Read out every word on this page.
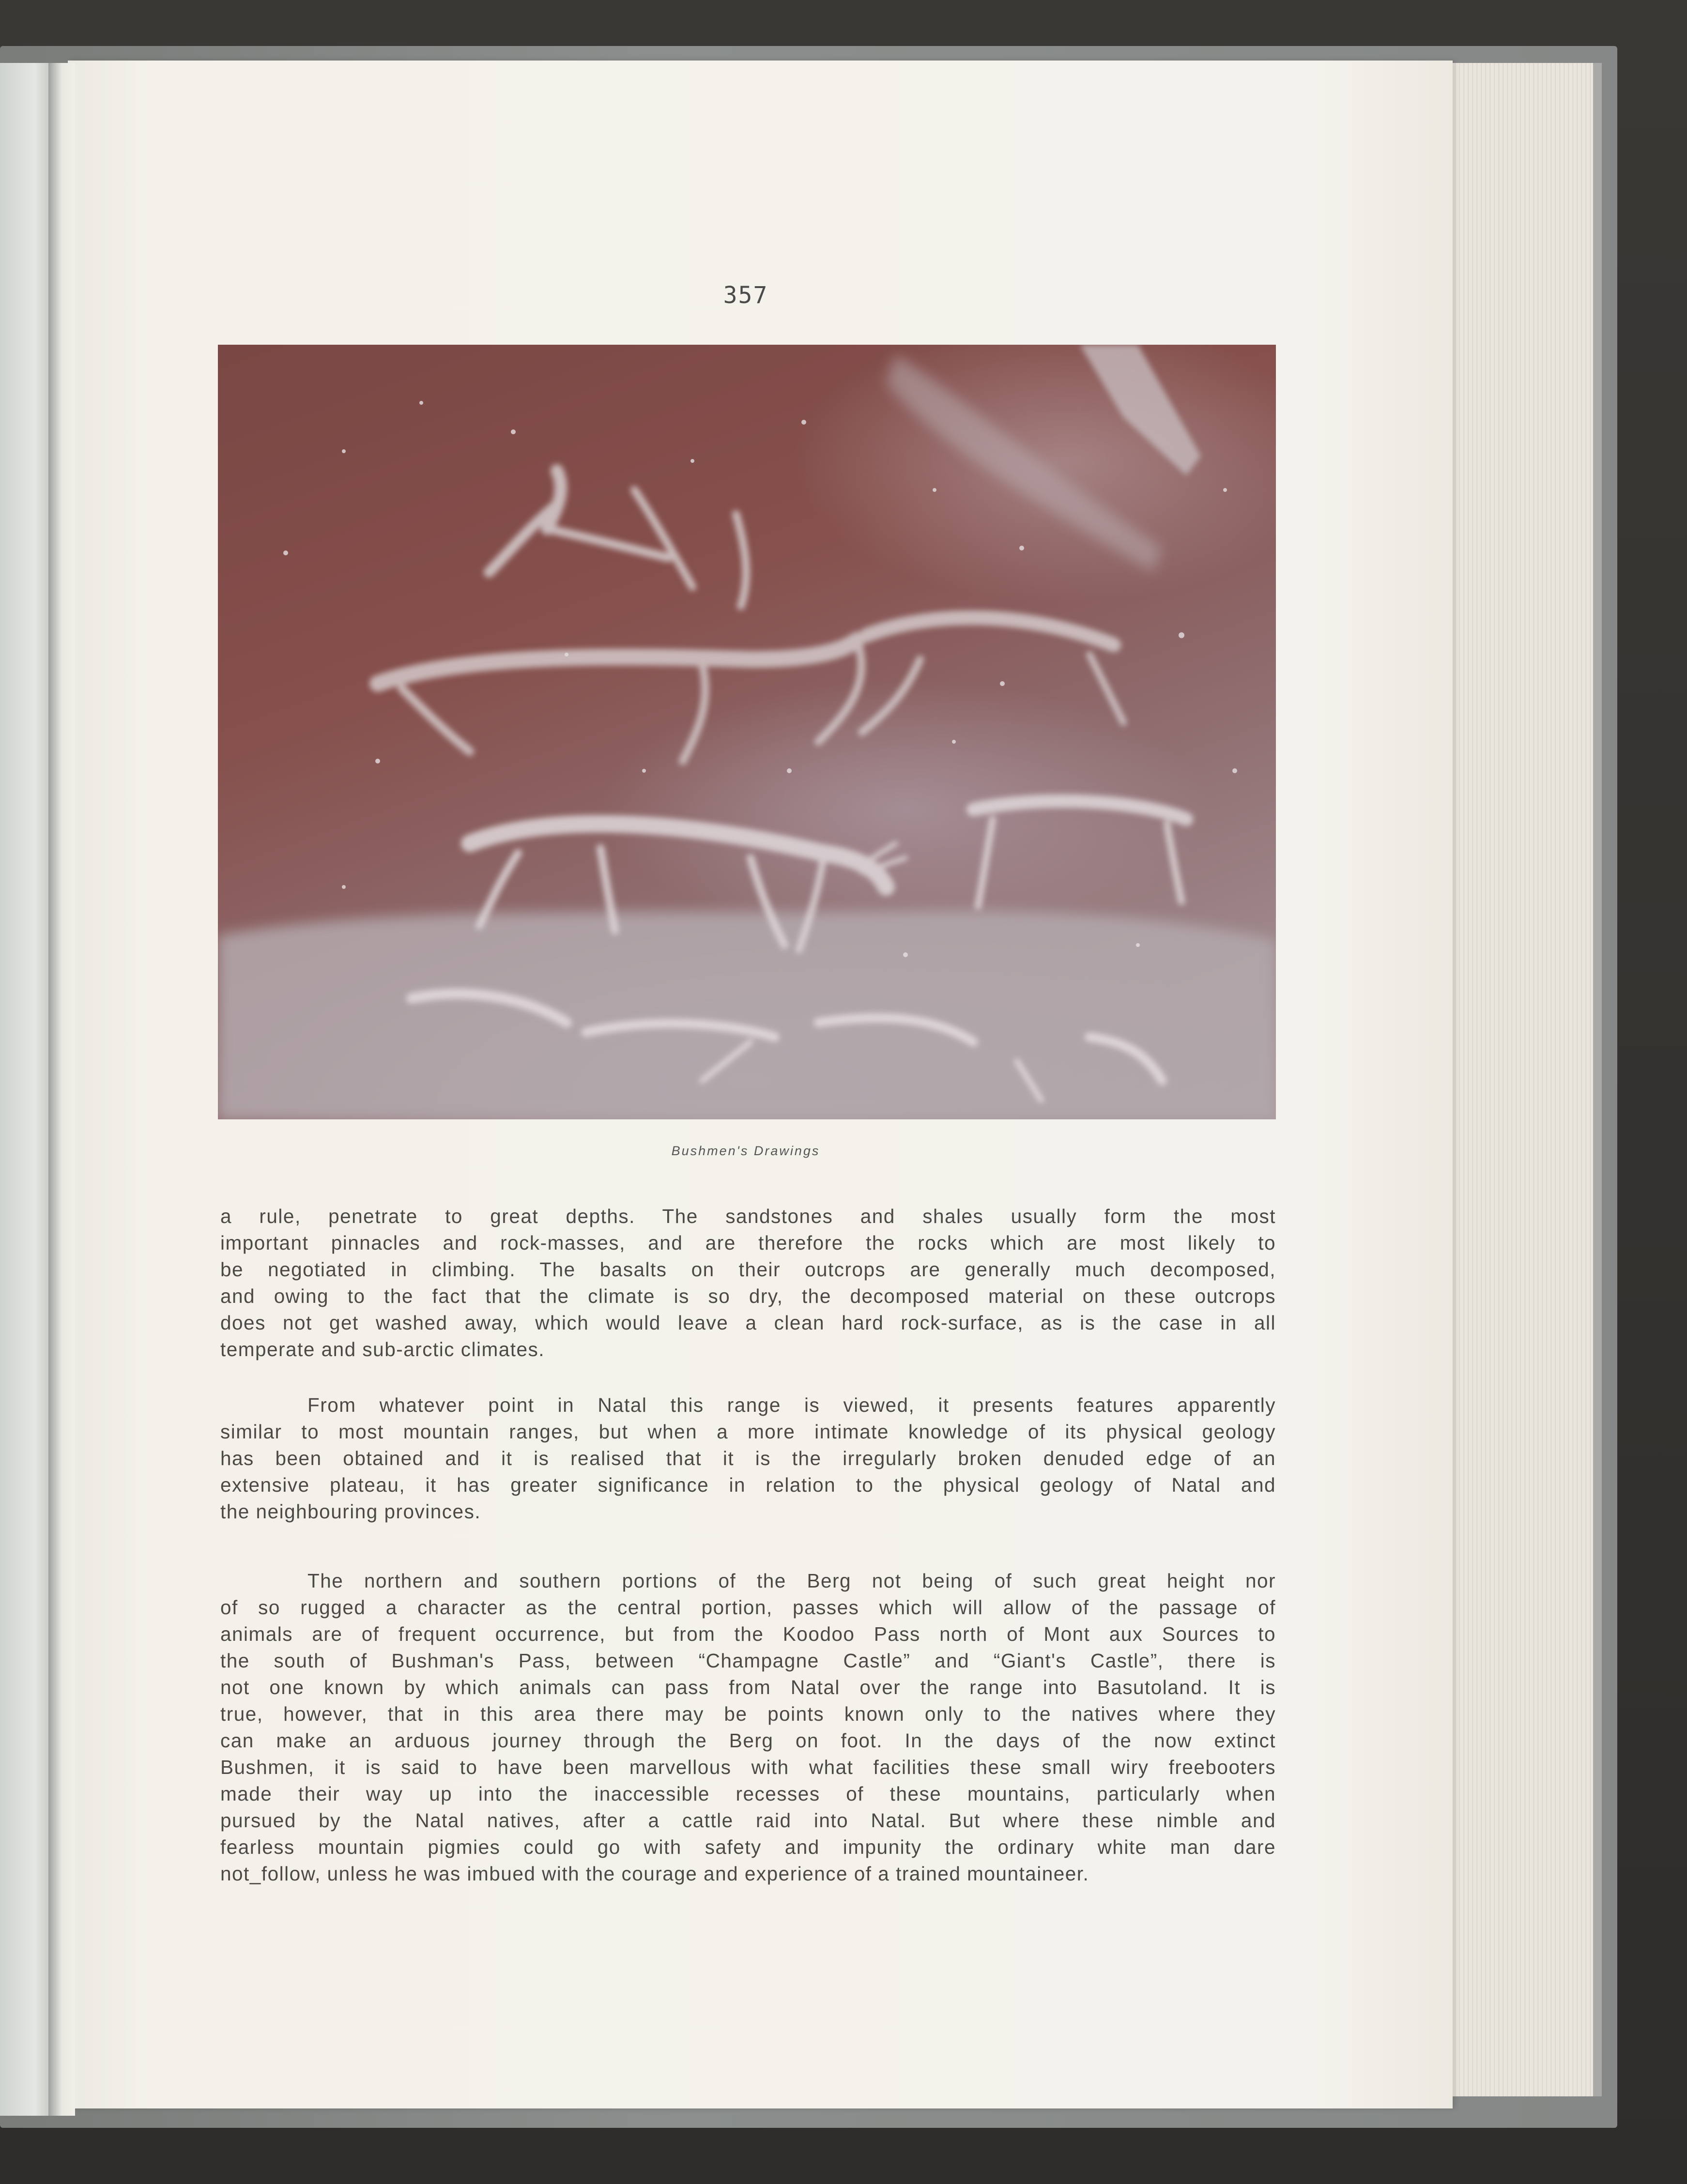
357
Bushmen's Drawings
a rule, penetrate to great depths. The sandstones and shales usually form the most
important pinnacles and rock-masses, and are therefore the rocks which are most likely to
be negotiated in climbing. The basalts on their outcrops are generally much decomposed,
and owing to the fact that the climate is so dry, the decomposed material on these outcrops
does not get washed away, which would leave a clean hard rock-surface, as is the case in all
temperate and sub-arctic climates.
From whatever point in Natal this range is viewed, it presents features apparently
similar to most mountain ranges, but when a more intimate knowledge of its physical geology
has been obtained and it is realised that it is the irregularly broken denuded edge of an
extensive plateau, it has greater significance in relation to the physical geology of Natal and
the neighbouring provinces.
The northern and southern portions of the Berg not being of such great height nor
of so rugged a character as the central portion, passes which will allow of the passage of
animals are of frequent occurrence, but from the Koodoo Pass north of Mont aux Sources to
the south of Bushman's Pass, between “Champagne Castle” and “Giant's Castle”, there is
not one known by which animals can pass from Natal over the range into Basutoland. It is
true, however, that in this area there may be points known only to the natives where they
can make an arduous journey through the Berg on foot. In the days of the now extinct
Bushmen, it is said to have been marvellous with what facilities these small wiry freebooters
made their way up into the inaccessible recesses of these mountains, particularly when
pursued by the Natal natives, after a cattle raid into Natal. But where these nimble and
fearless mountain pigmies could go with safety and impunity the ordinary white man dare
not_follow, unless he was imbued with the courage and experience of a trained mountaineer.
